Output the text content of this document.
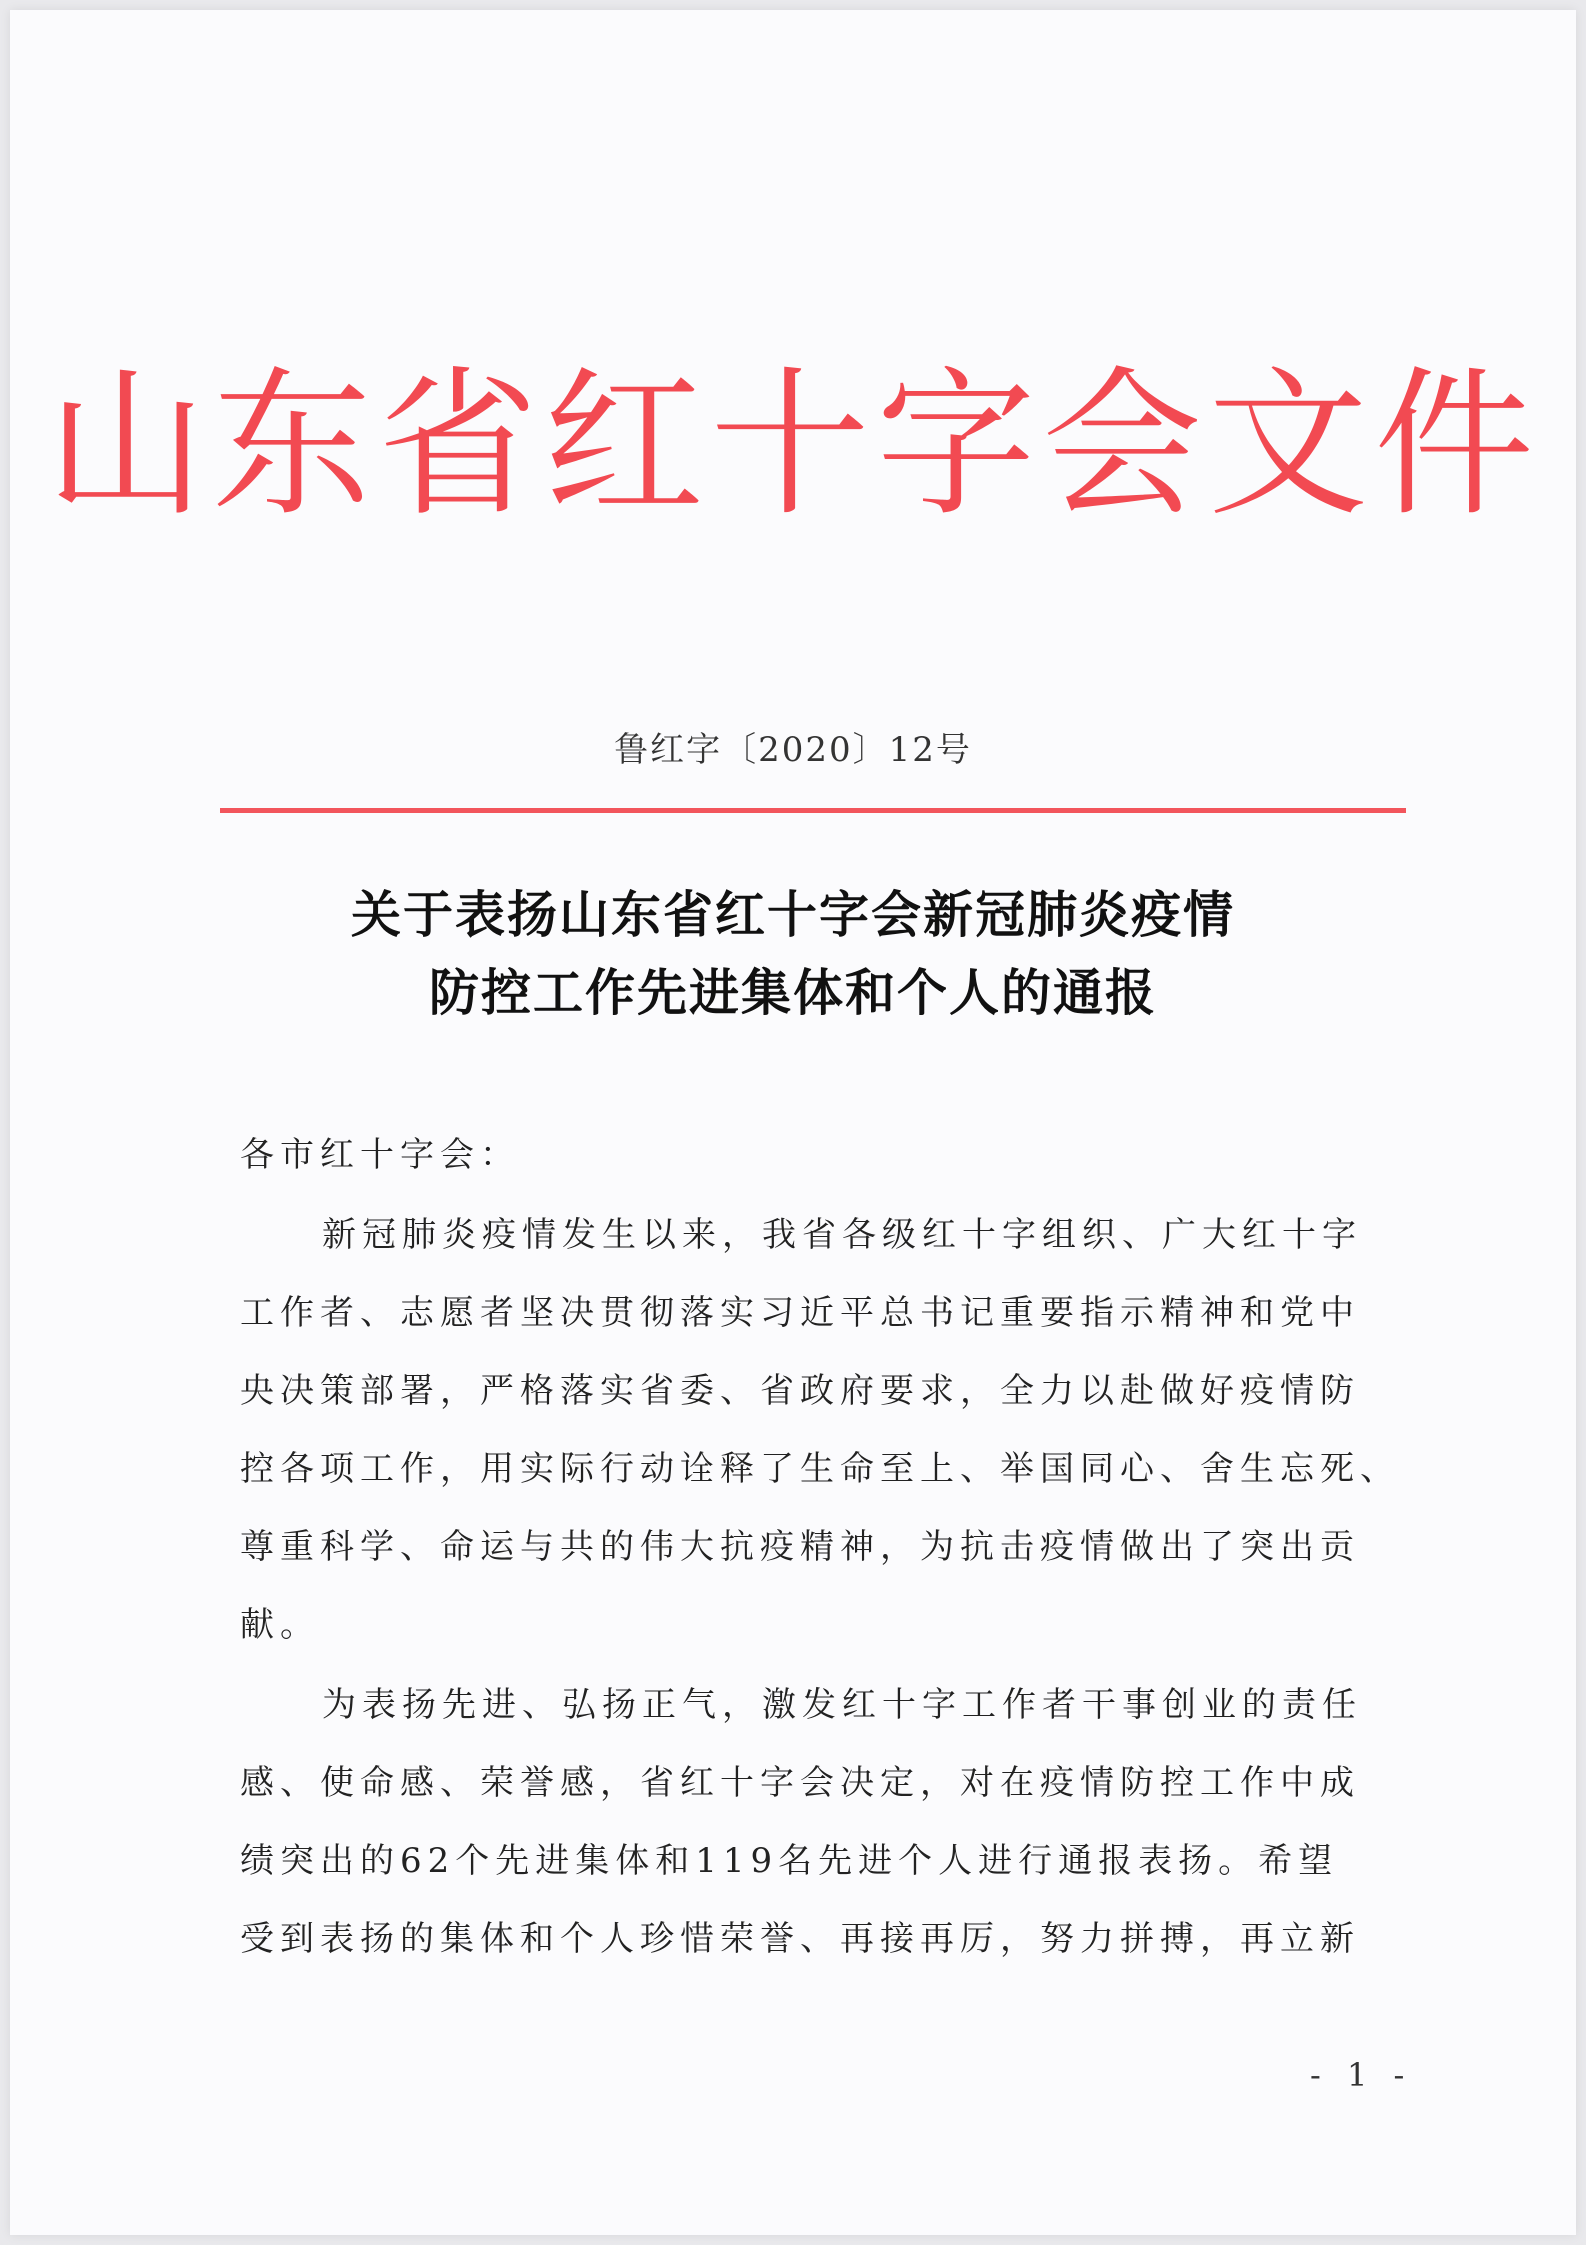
山东省红十字会文件
鲁红字〔2020〕12号
关于表扬山东省红十字会新冠肺炎疫情
防控工作先进集体和个人的通报
各市红十字会：
新冠肺炎疫情发生以来，我省各级红十字组织、广大红十字
工作者、志愿者坚决贯彻落实习近平总书记重要指示精神和党中
央决策部署，严格落实省委、省政府要求，全力以赴做好疫情防
控各项工作，用实际行动诠释了生命至上、举国同心、舍生忘死、
尊重科学、命运与共的伟大抗疫精神，为抗击疫情做出了突出贡
献。
为表扬先进、弘扬正气，激发红十字工作者干事创业的责任
感、使命感、荣誉感，省红十字会决定，对在疫情防控工作中成
绩突出的62个先进集体和119名先进个人进行通报表扬。希望
受到表扬的集体和个人珍惜荣誉、再接再厉，努力拼搏，再立新
- 1 -
